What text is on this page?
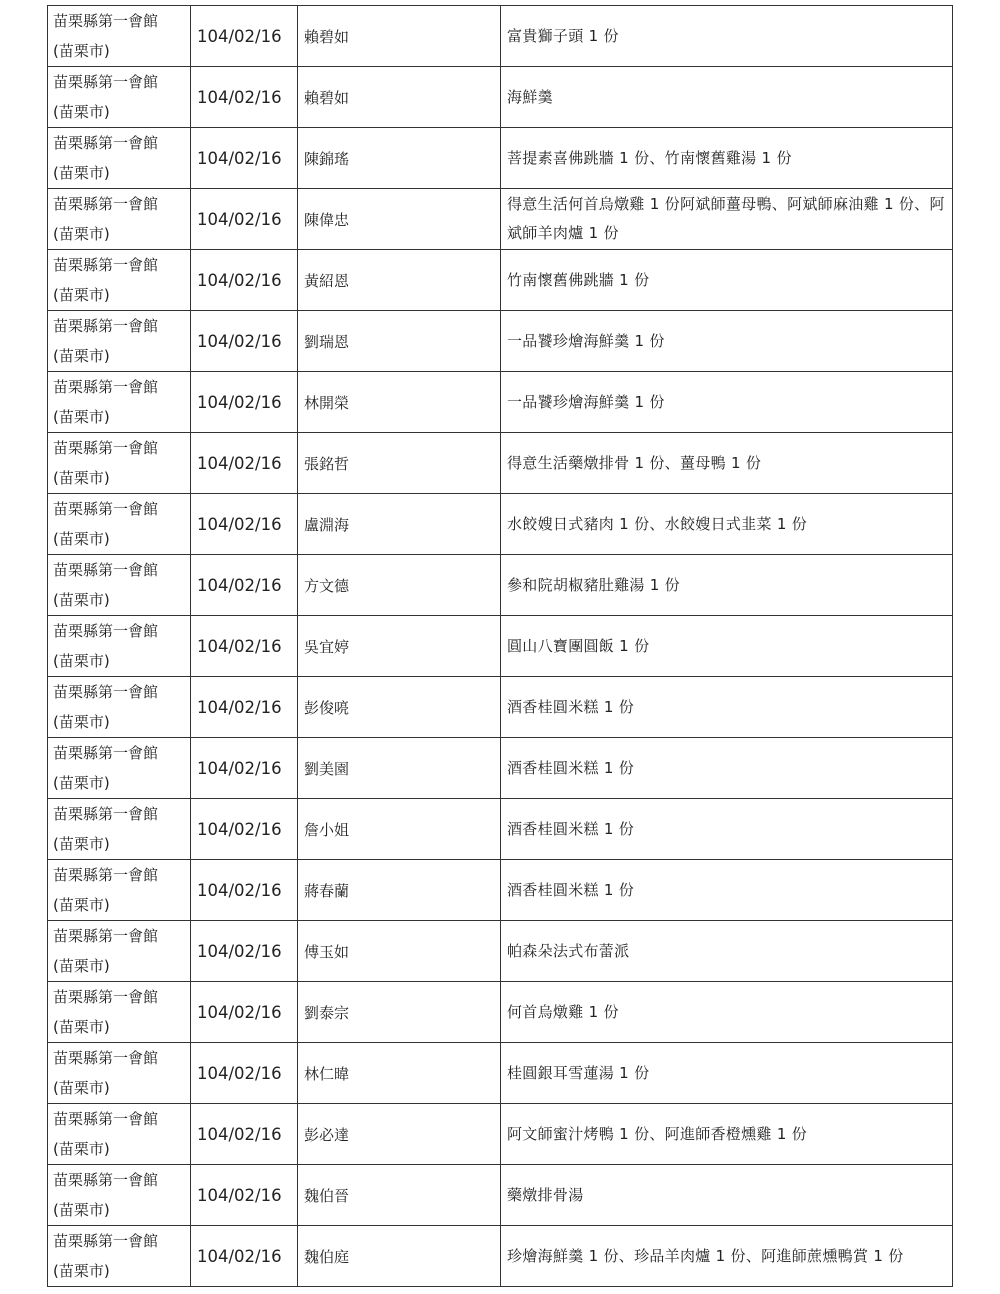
苗栗縣第一會館
(苗栗市)	104/02/16	賴碧如	富貴獅子頭 1 份

苗栗縣第一會館
(苗栗市)	104/02/16	賴碧如	海鮮羹

苗栗縣第一會館
(苗栗市)	104/02/16	陳錦瑤	菩提素喜佛跳牆 1 份、竹南懷舊雞湯 1 份

苗栗縣第一會館
(苗栗市)	104/02/16	陳偉忠	得意生活何首烏燉雞 1 份阿斌師薑母鴨、阿斌師麻油雞 1 份、阿斌師羊肉爐 1 份

苗栗縣第一會館
(苗栗市)	104/02/16	黃紹恩	竹南懷舊佛跳牆 1 份

苗栗縣第一會館
(苗栗市)	104/02/16	劉瑞恩	一品饕珍燴海鮮羹 1 份

苗栗縣第一會館
(苗栗市)	104/02/16	林開榮	一品饕珍燴海鮮羹 1 份

苗栗縣第一會館
(苗栗市)	104/02/16	張銘哲	得意生活藥燉排骨 1 份、薑母鴨 1 份

苗栗縣第一會館
(苗栗市)	104/02/16	盧淵海	水餃嫂日式豬肉 1 份、水餃嫂日式韭菜 1 份

苗栗縣第一會館
(苗栗市)	104/02/16	方文德	參和院胡椒豬肚雞湯 1 份

苗栗縣第一會館
(苗栗市)	104/02/16	吳宜婷	圓山八寶團圓飯 1 份

苗栗縣第一會館
(苗栗市)	104/02/16	彭俊喨	酒香桂圓米糕 1 份

苗栗縣第一會館
(苗栗市)	104/02/16	劉美園	酒香桂圓米糕 1 份

苗栗縣第一會館
(苗栗市)	104/02/16	詹小姐	酒香桂圓米糕 1 份

苗栗縣第一會館
(苗栗市)	104/02/16	蔣春蘭	酒香桂圓米糕 1 份

苗栗縣第一會館
(苗栗市)	104/02/16	傅玉如	帕森朵法式布蕾派

苗栗縣第一會館
(苗栗市)	104/02/16	劉泰宗	何首烏燉雞 1 份

苗栗縣第一會館
(苗栗市)	104/02/16	林仁暐	桂圓銀耳雪蓮湯 1 份

苗栗縣第一會館
(苗栗市)	104/02/16	彭必達	阿文師蜜汁烤鴨 1 份、阿進師香橙燻雞 1 份

苗栗縣第一會館
(苗栗市)	104/02/16	魏伯晉	藥燉排骨湯

苗栗縣第一會館
(苗栗市)	104/02/16	魏伯庭	珍燴海鮮羹 1 份、珍品羊肉爐 1 份、阿進師蔗燻鴨賞 1 份
